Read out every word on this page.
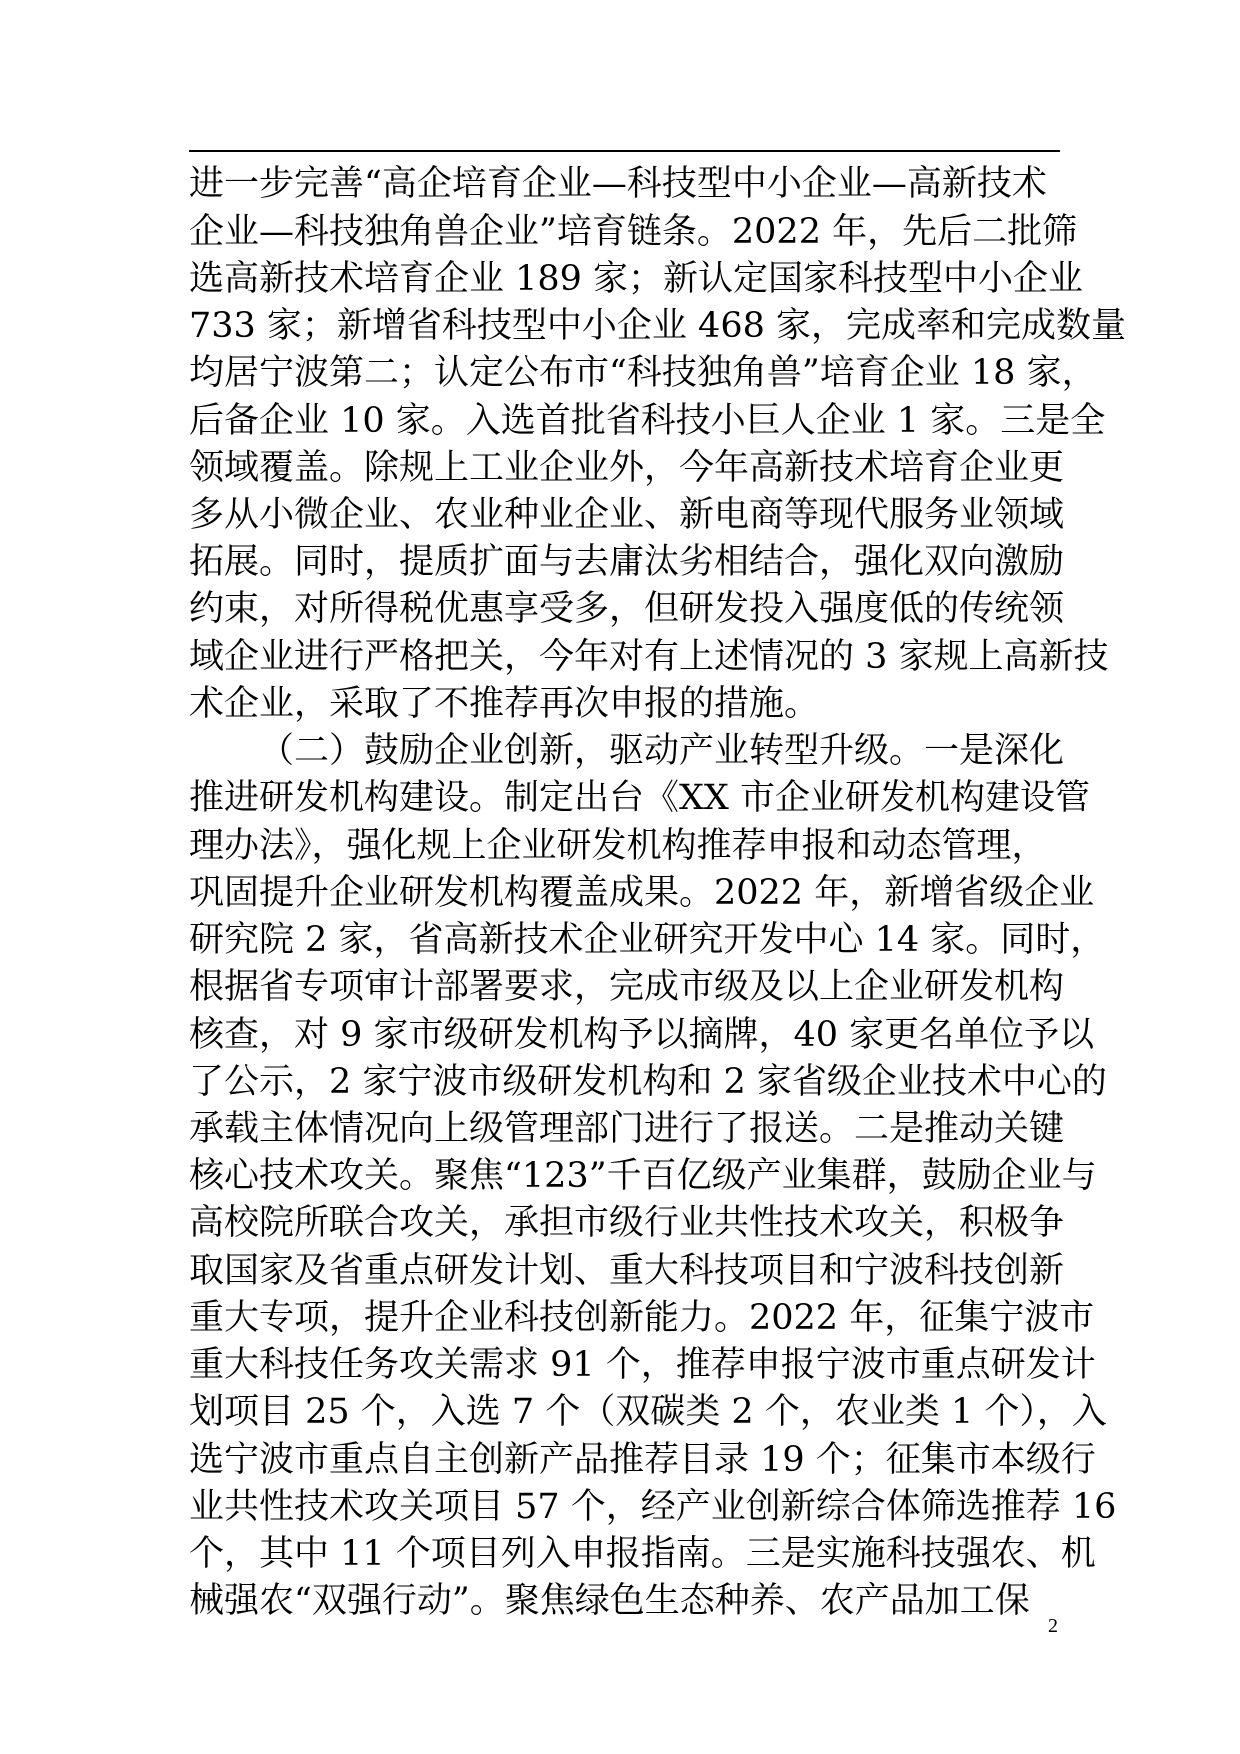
进一步完善“高企培育企业—科技型中小企业—高新技术
企业—科技独角兽企业”培育链条。2022 年，先后二批筛
选高新技术培育企业 189 家；新认定国家科技型中小企业
733 家；新增省科技型中小企业 468 家，完成率和完成数量
均居宁波第二；认定公布市“科技独角兽”培育企业 18 家，
后备企业 10 家。入选首批省科技小巨人企业 1 家。三是全
领域覆盖。除规上工业企业外，今年高新技术培育企业更
多从小微企业、农业种业企业、新电商等现代服务业领域
拓展。同时，提质扩面与去庸汰劣相结合，强化双向激励
约束，对所得税优惠享受多，但研发投入强度低的传统领
域企业进行严格把关，今年对有上述情况的 3 家规上高新技
术企业，采取了不推荐再次申报的措施。
（二）鼓励企业创新，驱动产业转型升级。一是深化
推进研发机构建设。制定出台《XX 市企业研发机构建设管
理办法》，强化规上企业研发机构推荐申报和动态管理，
巩固提升企业研发机构覆盖成果。2022 年，新增省级企业
研究院 2 家，省高新技术企业研究开发中心 14 家。同时，
根据省专项审计部署要求，完成市级及以上企业研发机构
核查，对 9 家市级研发机构予以摘牌，40 家更名单位予以
了公示，2 家宁波市级研发机构和 2 家省级企业技术中心的
承载主体情况向上级管理部门进行了报送。二是推动关键
核心技术攻关。聚焦“123”千百亿级产业集群，鼓励企业与
高校院所联合攻关，承担市级行业共性技术攻关，积极争
取国家及省重点研发计划、重大科技项目和宁波科技创新
重大专项，提升企业科技创新能力。2022 年，征集宁波市
重大科技任务攻关需求 91 个，推荐申报宁波市重点研发计
划项目 25 个，入选 7 个（双碳类 2 个，农业类 1 个），入
选宁波市重点自主创新产品推荐目录 19 个；征集市本级行
业共性技术攻关项目 57 个，经产业创新综合体筛选推荐 16
个，其中 11 个项目列入申报指南。三是实施科技强农、机
械强农“双强行动”。聚焦绿色生态种养、农产品加工保
2
